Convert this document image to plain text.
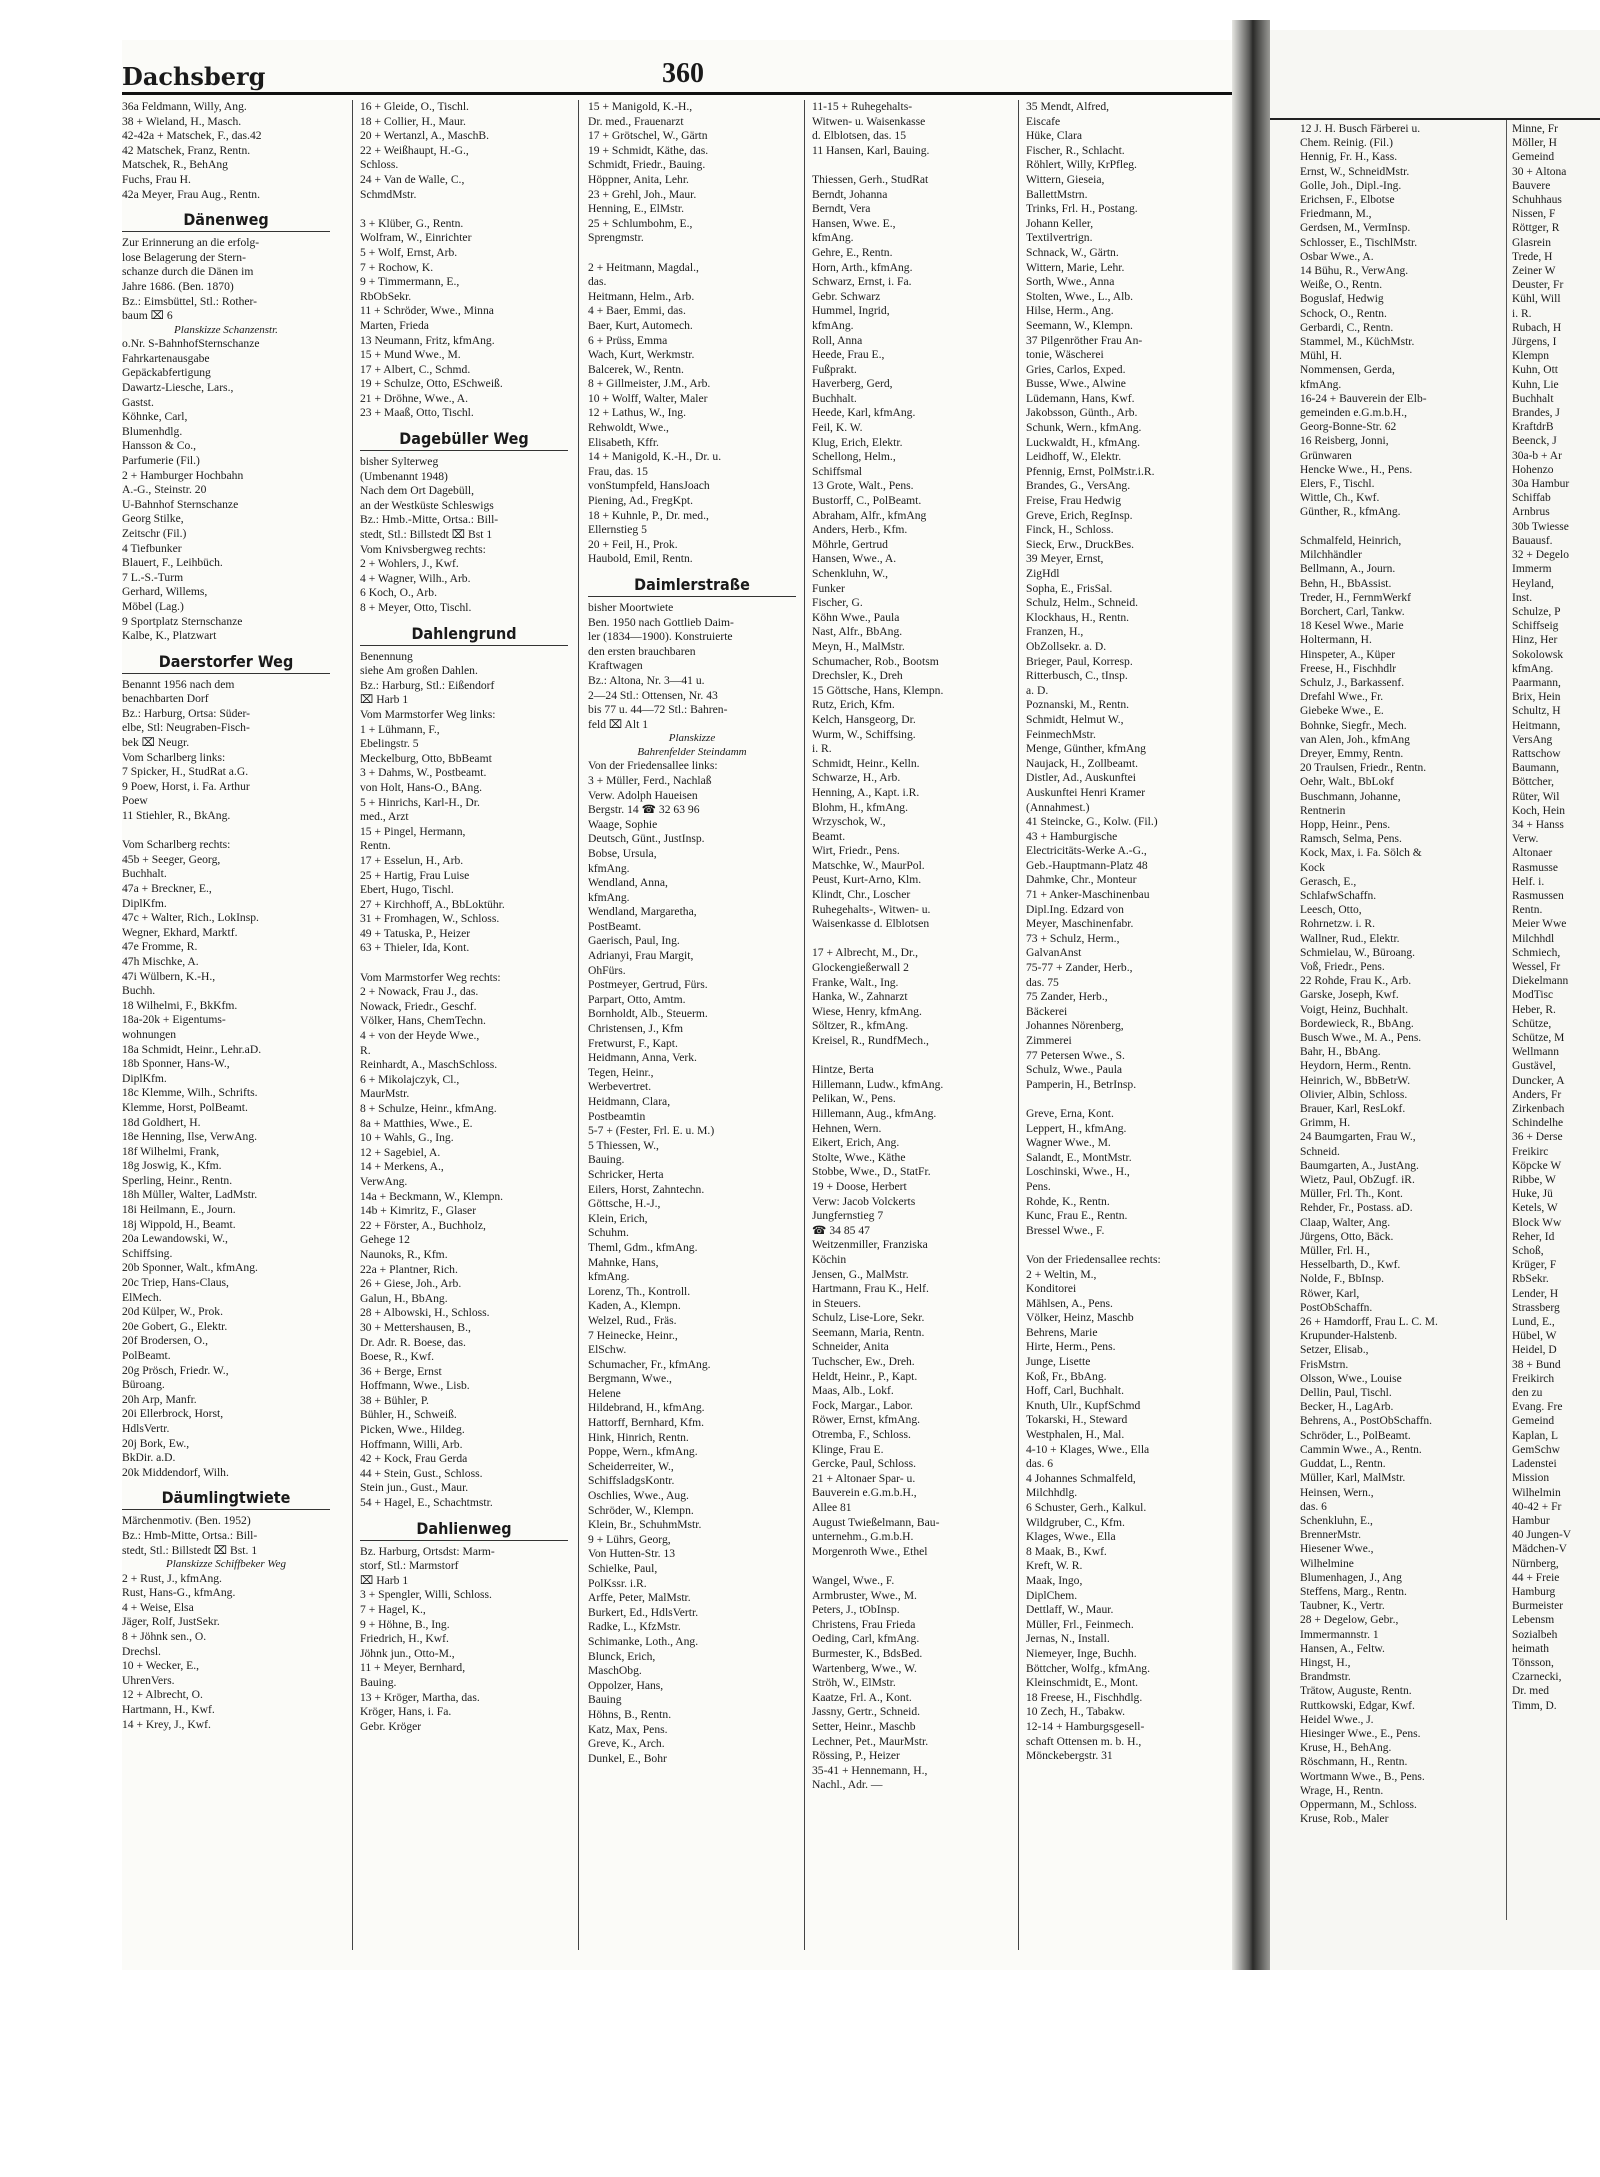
12 J. H. Busch Färberei u.
Chem. Reinig. (Fil.)
Hennig, Fr. H., Kass.
Ernst, W., SchneidMstr.
Golle, Joh., Dipl.-Ing.
Erichsen, F., Elbotse
Friedmann, M.,
Gerdsen, M., VermInsp.
Schlosser, E., TischlMstr.
Osbar Wwe., A.
14 Bühu, R., VerwAng.
Weiße, O., Rentn.
Boguslaf, Hedwig
Schock, O., Rentn.
Gerbardi, C., Rentn.
Stammel, M., KüchMstr.
Mühl, H.
Nommensen, Gerda,
kfmAng.
16-24 + Bauverein der Elb-
gemeinden e.G.m.b.H.,
Georg-Bonne-Str. 62
16 Reisberg, Jonni,
Grünwaren
Hencke Wwe., H., Pens.
Elers, F., Tischl.
Wittle, Ch., Kwf.
Günther, R., kfmAng.

Schmalfeld, Heinrich,
Milchhändler
Bellmann, A., Journ.
Behn, H., BbAssist.
Treder, H., FernmWerkf
Borchert, Carl, Tankw.
18 Kesel Wwe., Marie
Holtermann, H.
Hinspeter, A., Küper
Freese, H., Fischhdlr
Schulz, J., Barkassenf.
Drefahl Wwe., Fr.
Giebeke Wwe., E.
Bohnke, Siegfr., Mech.
van Alen, Joh., kfmAng
Dreyer, Emmy, Rentn.
20 Traulsen, Friedr., Rentn.
Oehr, Walt., BbLokf
Buschmann, Johanne,
Rentnerin
Hopp, Heinr., Pens.
Ramsch, Selma, Pens.
Kock, Max, i. Fa. Sölch &
Kock
Gerasch, E.,
SchlafwSchaffn.
Leesch, Otto,
Rohrnetzw. i. R.
Wallner, Rud., Elektr.
Schmielau, W., Büroang.
Voß, Friedr., Pens.
22 Rohde, Frau K., Arb.
Garske, Joseph, Kwf.
Voigt, Heinz, Buchhalt.
Bordewieck, R., BbAng.
Busch Wwe., M. A., Pens.
Bahr, H., BbAng.
Heydorn, Herm., Rentn.
Heinrich, W., BbBetrW.
Olivier, Albin, Schloss.
Brauer, Karl, ResLokf.
Grimm, H.
24 Baumgarten, Frau W.,
Schneid.
Baumgarten, A., JustAng.
Wietz, Paul, ObZugf. iR.
Müller, Frl. Th., Kont.
Rehder, Fr., Postass. aD.
Claap, Walter, Ang.
Jürgens, Otto, Bäck.
Müller, Frl. H.,
Hesselbarth, D., Kwf.
Nolde, F., BbInsp.
Röwer, Karl,
PostObSchaffn.
26 + Hamdorff, Frau L. C. M.
Krupunder-Halstenb.
Setzer, Elisab.,
FrisMstrn.
Olsson, Wwe., Louise
Dellin, Paul, Tischl.
Becker, H., LagArb.
Behrens, A., PostObSchaffn.
Schröder, L., PolBeamt.
Cammin Wwe., A., Rentn.
Guddat, L., Rentn.
Müller, Karl, MalMstr.
Heinsen, Wern.,
das. 6
Schenkluhn, E.,
BrennerMstr.
Hiesener Wwe.,
Wilhelmine
Blumenhagen, J., Ang
Steffens, Marg., Rentn.
Taubner, K., Vertr.
28 + Degelow, Gebr.,
Immermannstr. 1
Hansen, A., Feltw.
Hingst, H.,
Brandmstr.
Trätow, Auguste, Rentn.
Ruttkowski, Edgar, Kwf.
Heidel Wwe., J.
Hiesinger Wwe., E., Pens.
Kruse, H., BehAng.
Röschmann, H., Rentn.
Wortmann Wwe., B., Pens.
Wrage, H., Rentn.
Oppermann, M., Schloss.
Kruse, Rob., Maler
Minne, Fr
Möller, H
Gemeind
30 + Altona
Bauvere
Schuhhaus
Nissen, F
Röttger, R
Glasrein
Trede, H
Zeiner W
Deuster, Fr
Kühl, Will
i. R.
Rubach, H
Jürgens, I
Klempn
Kuhn, Ott
Kuhn, Lie
Buchhalt
Brandes, J
KraftdrB
Beenck, J
30a-b + Ar
Hohenzo
30a Hambur
Schiffab
Arnbrus
30b Twiesse
Bauausf.
32 + Degelo
Immerm
Heyland,
Inst.
Schulze, P
Schiffseig
Hinz, Her
Sokolowsk
kfmAng.
Paarmann,
Brix, Hein
Schultz, H
Heitmann,
VersAng
Rattschow
Baumann,
Böttcher,
Rüter, Wil
Koch, Hein
34 + Hanss
Verw.
Altonaer
Rasmusse
Helf. i.
Rasmussen
Rentn.
Meier Wwe
Milchhdl
Schmiech,
Wessel, Fr
Diekelmann
ModTisc
Heber, R.
Schütze,
Schütze, M
Wellmann
Gustävel,
Duncker, A
Anders, Fr
Zirkenbach
Schindelhe
36 + Derse
Freikirc
Köpcke W
Ribbe, W
Huke, Jü
Ketels, W
Block Ww
Reher, Id
Schoß,
Krüger, F
RbSekr.
Lender, H
Strassberg
Lund, E.,
Hübel, W
Heidel, D
38 + Bund
Freikirch
den zu
Evang. Fre
Gemeind
Kaplan, L
GemSchw
Ladenstei
Mission
Wilhelmin
40-42 + Fr
Hambur
40 Jungen-V
Mädchen-V
Nürnberg,
44 + Freie
Hamburg
Burmeister
Lebensm
Sozialbeh
heimath
Tönsson,
Czarnecki,
Dr. med
Timm, D.
Dachsberg	360
36a Feldmann, Willy, Ang.
38 + Wieland, H., Masch.
42-42a + Matschek, F., das.42
42 Matschek, Franz, Rentn.
Matschek, R., BehAng
Fuchs, Frau H.
42a Meyer, Frau Aug., Rentn.
Dänenweg
Zur Erinnerung an die erfolg-
lose Belagerung der Stern-
schanze durch die Dänen im
Jahre 1686. (Ben. 1870)
Bz.: Eimsbüttel, Stl.: Rother-
baum ⌧ 6
Planskizze Schanzenstr.
o.Nr. S-BahnhofSternschanze
Fahrkartenausgabe
Gepäckabfertigung
Dawartz-Liesche, Lars.,
Gastst.
Köhnke, Carl,
Blumenhdlg.
Hansson & Co.,
Parfumerie (Fil.)
2 + Hamburger Hochbahn
A.-G., Steinstr. 20
U-Bahnhof Sternschanze
Georg Stilke,
Zeitschr (Fil.)
4 Tiefbunker
Blauert, F., Leihbüch.
7 L.-S.-Turm
Gerhard, Willems,
Möbel (Lag.)
9 Sportplatz Sternschanze
Kalbe, K., Platzwart
Daerstorfer Weg
Benannt 1956 nach dem
benachbarten Dorf
Bz.: Harburg, Ortsa: Süder-
elbe, Stl: Neugraben-Fisch-
bek ⌧ Neugr.
Vom Scharlberg links:
7 Spicker, H., StudRat a.G.
9 Poew, Horst, i. Fa. Arthur
Poew
11 Stiehler, R., BkAng.

Vom Scharlberg rechts:
45b + Seeger, Georg,
Buchhalt.
47a + Breckner, E.,
DiplKfm.
47c + Walter, Rich., LokInsp.
Wegner, Ekhard, Marktf.
47e Fromme, R.
47h Mischke, A.
47i Wülbern, K.-H.,
Buchh.
18 Wilhelmi, F., BkKfm.
18a-20k + Eigentums-
wohnungen
18a Schmidt, Heinr., Lehr.aD.
18b Sponner, Hans-W.,
DiplKfm.
18c Klemme, Wilh., Schrifts.
Klemme, Horst, PolBeamt.
18d Goldhert, H.
18e Henning, Ilse, VerwAng.
18f Wilhelmi, Frank,
18g Joswig, K., Kfm.
Sperling, Heinr., Rentn.
18h Müller, Walter, LadMstr.
18i Heilmann, E., Journ.
18j Wippold, H., Beamt.
20a Lewandowski, W.,
Schiffsing.
20b Sponner, Walt., kfmAng.
20c Triep, Hans-Claus,
ElMech.
20d Külper, W., Prok.
20e Gobert, G., Elektr.
20f Brodersen, O.,
PolBeamt.
20g Prösch, Friedr. W.,
Büroang.
20h Arp, Manfr.
20i Ellerbrock, Horst,
HdlsVertr.
20j Bork, Ew.,
BkDir. a.D.
20k Middendorf, Wilh.
Däumlingtwiete
Märchenmotiv. (Ben. 1952)
Bz.: Hmb-Mitte, Ortsa.: Bill-
stedt, Stl.: Billstedt ⌧ Bst. 1
Planskizze Schiffbeker Weg
2 + Rust, J., kfmAng.
Rust, Hans-G., kfmAng.
4 + Weise, Elsa
Jäger, Rolf, JustSekr.
8 + Jöhnk sen., O.
Drechsl.
10 + Wecker, E.,
UhrenVers.
12 + Albrecht, O.
Hartmann, H., Kwf.
14 + Krey, J., Kwf.
16 + Gleide, O., Tischl.
18 + Collier, H., Maur.
20 + Wertanzl, A., MaschB.
22 + Weißhaupt, H.-G.,
Schloss.
24 + Van de Walle, C.,
SchmdMstr.

3 + Klüber, G., Rentn.
Wolfram, W., Einrichter
5 + Wolf, Ernst, Arb.
7 + Rochow, K.
9 + Timmermann, E.,
RbObSekr.
11 + Schröder, Wwe., Minna
Marten, Frieda
13 Neumann, Fritz, kfmAng.
15 + Mund Wwe., M.
17 + Albert, C., Schmd.
19 + Schulze, Otto, ESchweiß.
21 + Dröhne, Wwe., A.
23 + Maaß, Otto, Tischl.
Dagebüller Weg
bisher Sylterweg
(Umbenannt 1948)
Nach dem Ort Dagebüll,
an der Westküste Schleswigs
Bz.: Hmb.-Mitte, Ortsa.: Bill-
stedt, Stl.: Billstedt ⌧ Bst 1
Vom Knivsbergweg rechts:
2 + Wohlers, J., Kwf.
4 + Wagner, Wilh., Arb.
6 Koch, O., Arb.
8 + Meyer, Otto, Tischl.
Dahlengrund
Benennung
siehe Am großen Dahlen.
Bz.: Harburg, Stl.: Eißendorf
⌧ Harb 1
Vom Marmstorfer Weg links:
1 + Lühmann, F.,
Ebelingstr. 5
Meckelburg, Otto, BbBeamt
3 + Dahms, W., Postbeamt.
von Holt, Hans-O., BAng.
5 + Hinrichs, Karl-H., Dr.
med., Arzt
15 + Pingel, Hermann,
Rentn.
17 + Esselun, H., Arb.
25 + Hartig, Frau Luise
Ebert, Hugo, Tischl.
27 + Kirchhoff, A., BbLoktühr.
31 + Fromhagen, W., Schloss.
49 + Tatuska, P., Heizer
63 + Thieler, Ida, Kont.

Vom Marmstorfer Weg rechts:
2 + Nowack, Frau J., das.
Nowack, Friedr., Geschf.
Völker, Hans, ChemTechn.
4 + von der Heyde Wwe.,
R.
Reinhardt, A., MaschSchloss.
6 + Mikolajczyk, Cl.,
MaurMstr.
8 + Schulze, Heinr., kfmAng.
8a + Matthies, Wwe., E.
10 + Wahls, G., Ing.
12 + Sagebiel, A.
14 + Merkens, A.,
VerwAng.
14a + Beckmann, W., Klempn.
14b + Kimritz, F., Glaser
22 + Förster, A., Buchholz,
Gehege 12
Naunoks, R., Kfm.
22a + Plantner, Rich.
26 + Giese, Joh., Arb.
Galun, H., BbAng.
28 + Albowski, H., Schloss.
30 + Mettershausen, B.,
Dr. Adr. R. Boese, das.
Boese, R., Kwf.
36 + Berge, Ernst
Hoffmann, Wwe., Lisb.
38 + Bühler, P.
Bühler, H., Schweiß.
Picken, Wwe., Hildeg.
Hoffmann, Willi, Arb.
42 + Kock, Frau Gerda
44 + Stein, Gust., Schloss.
Stein jun., Gust., Maur.
54 + Hagel, E., Schachtmstr.
Dahlienweg
Bz. Harburg, Ortsdst: Marm-
storf, Stl.: Marmstorf
⌧ Harb 1
3 + Spengler, Willi, Schloss.
7 + Hagel, K.,
9 + Höhne, B., Ing.
Friedrich, H., Kwf.
Jöhnk jun., Otto-M.,
11 + Meyer, Bernhard,
Bauing.
13 + Kröger, Martha, das.
Kröger, Hans, i. Fa.
Gebr. Kröger
15 + Manigold, K.-H.,
Dr. med., Frauenarzt
17 + Grötschel, W., Gärtn
19 + Schmidt, Käthe, das.
Schmidt, Friedr., Bauing.
Höppner, Anita, Lehr.
23 + Grehl, Joh., Maur.
Henning, E., ElMstr.
25 + Schlumbohm, E.,
Sprengmstr.

2 + Heitmann, Magdal.,
das.
Heitmann, Helm., Arb.
4 + Baer, Emmi, das.
Baer, Kurt, Automech.
6 + Prüss, Emma
Wach, Kurt, Werkmstr.
Balcerek, W., Rentn.
8 + Gillmeister, J.M., Arb.
10 + Wolff, Walter, Maler
12 + Lathus, W., Ing.
Rehwoldt, Wwe.,
Elisabeth, Kffr.
14 + Manigold, K.-H., Dr. u.
Frau, das. 15
vonStumpfeld, HansJoach
Piening, Ad., FregKpt.
18 + Kuhnle, P., Dr. med.,
Ellernstieg 5
20 + Feil, H., Prok.
Haubold, Emil, Rentn.
Daimlerstraße
bisher Moortwiete
Ben. 1950 nach Gottlieb Daim-
ler (1834—1900). Konstruierte
den ersten brauchbaren
Kraftwagen
Bz.: Altona, Nr. 3—41 u.
2—24 Stl.: Ottensen, Nr. 43
bis 77 u. 44—72 Stl.: Bahren-
feld ⌧ Alt 1
Planskizze
Bahrenfelder Steindamm
Von der Friedensallee links:
3 + Müller, Ferd., Nachlaß
Verw. Adolph Haueisen
Bergstr. 14 ☎ 32 63 96
Waage, Sophie
Deutsch, Günt., JustInsp.
Bobse, Ursula,
kfmAng.
Wendland, Anna,
kfmAng.
Wendland, Margaretha,
PostBeamt.
Gaerisch, Paul, Ing.
Adrianyi, Frau Margit,
OhFürs.
Postmeyer, Gertrud, Fürs.
Parpart, Otto, Amtm.
Bornholdt, Alb., Steuerm.
Christensen, J., Kfm
Fretwurst, F., Kapt.
Heidmann, Anna, Verk.
Tegen, Heinr.,
Werbevertret.
Heidmann, Clara,
Postbeamtin
5-7 + (Fester, Frl. E. u. M.)
5 Thiessen, W.,
Bauing.
Schricker, Herta
Eilers, Horst, Zahntechn.
Göttsche, H.-J.,
Klein, Erich,
Schuhm.
Theml, Gdm., kfmAng.
Mahnke, Hans,
kfmAng.
Lorenz, Th., Kontroll.
Kaden, A., Klempn.
Welzel, Rud., Fräs.
7 Heinecke, Heinr.,
ElSchw.
Schumacher, Fr., kfmAng.
Bergmann, Wwe.,
Helene
Hildebrand, H., kfmAng.
Hattorff, Bernhard, Kfm.
Hink, Hinrich, Rentn.
Poppe, Wern., kfmAng.
Scheiderreiter, W.,
SchiffsladgsKontr.
Oschlies, Wwe., Aug.
Schröder, W., Klempn.
Klein, Br., SchuhmMstr.
9 + Lührs, Georg,
Von Hutten-Str. 13
Schielke, Paul,
PolKssr. i.R.
Arffe, Peter, MalMstr.
Burkert, Ed., HdlsVertr.
Radke, L., KfzMstr.
Schimanke, Loth., Ang.
Blunck, Erich,
MaschObg.
Oppolzer, Hans,
Bauing
Höhns, B., Rentn.
Katz, Max, Pens.
Greve, K., Arch.
Dunkel, E., Bohr
11-15 + Ruhegehalts-
Witwen- u. Waisenkasse
d. Elblotsen, das. 15
11 Hansen, Karl, Bauing.

Thiessen, Gerh., StudRat
Berndt, Johanna
Berndt, Vera
Hansen, Wwe. E.,
kfmAng.
Gehre, E., Rentn.
Horn, Arth., kfmAng.
Schwarz, Ernst, i. Fa.
Gebr. Schwarz
Hummel, Ingrid,
kfmAng.
Roll, Anna
Heede, Frau E.,
Fußprakt.
Haverberg, Gerd,
Buchhalt.
Heede, Karl, kfmAng.
Feil, K. W.
Klug, Erich, Elektr.
Schellong, Helm.,
Schiffsmal
13 Grote, Walt., Pens.
Bustorff, C., PolBeamt.
Abraham, Alfr., kfmAng
Anders, Herb., Kfm.
Möhrle, Gertrud
Hansen, Wwe., A.
Schenkluhn, W.,
Funker
Fischer, G.
Köhn Wwe., Paula
Nast, Alfr., BbAng.
Meyn, H., MalMstr.
Schumacher, Rob., Bootsm
Drechsler, K., Dreh
15 Göttsche, Hans, Klempn.
Rutz, Erich, Kfm.
Kelch, Hansgeorg, Dr.
Wurm, W., Schiffsing.
i. R.
Schmidt, Heinr., Kelln.
Schwarze, H., Arb.
Henning, A., Kapt. i.R.
Blohm, H., kfmAng.
Wrzyschok, W.,
Beamt.
Wirt, Friedr., Pens.
Matschke, W., MaurPol.
Peust, Kurt-Arno, Klm.
Klindt, Chr., Loscher
Ruhegehalts-, Witwen- u.
Waisenkasse d. Elblotsen

17 + Albrecht, M., Dr.,
Glockengießerwall 2
Franke, Walt., Ing.
Hanka, W., Zahnarzt
Wiese, Henry, kfmAng.
Söltzer, R., kfmAng.
Kreisel, R., RundfMech.,

Hintze, Berta
Hillemann, Ludw., kfmAng.
Pelikan, W., Pens.
Hillemann, Aug., kfmAng.
Hehnen, Wern.
Eikert, Erich, Ang.
Stolte, Wwe., Käthe
Stobbe, Wwe., D., StatFr.
19 + Doose, Herbert
Verw: Jacob Volckerts
Jungfernstieg 7
☎ 34 85 47
Weitzenmiller, Franziska
Köchin
Jensen, G., MalMstr.
Hartmann, Frau K., Helf.
in Steuers.
Schulz, Lise-Lore, Sekr.
Seemann, Maria, Rentn.
Schneider, Anita
Tuchscher, Ew., Dreh.
Heldt, Heinr., P., Kapt.
Maas, Alb., Lokf.
Fock, Margar., Labor.
Röwer, Ernst, kfmAng.
Otremba, F., Schloss.
Klinge, Frau E.
Gercke, Paul, Schloss.
21 + Altonaer Spar- u.
Bauverein e.G.m.b.H.,
Allee 81
August Twießelmann, Bau-
unternehm., G.m.b.H.
Morgenroth Wwe., Ethel

Wangel, Wwe., F.
Armbruster, Wwe., M.
Peters, J., tObInsp.
Christens, Frau Frieda
Oeding, Carl, kfmAng.
Burmester, K., BdsBed.
Wartenberg, Wwe., W.
Ströh, W., ElMstr.
Kaatze, Frl. A., Kont.
Jassny, Gertr., Schneid.
Setter, Heinr., Maschb
Lechner, Pet., MaurMstr.
Rössing, P., Heizer
35-41 + Hennemann, H.,
Nachl., Adr. —
35 Mendt, Alfred,
Eiscafe
Hüke, Clara
Fischer, R., Schlacht.
Röhlert, Willy, KrPfleg.
Wittern, Gieseia,
BallettMstrn.
Trinks, Frl. H., Postang.
Johann Keller,
Textilvertrign.
Schnack, W., Gärtn.
Wittern, Marie, Lehr.
Sorth, Wwe., Anna
Stolten, Wwe., L., Alb.
Hilse, Herm., Ang.
Seemann, W., Klempn.
37 Pilgenröther Frau An-
tonie, Wäscherei
Gries, Carlos, Exped.
Busse, Wwe., Alwine
Lüdemann, Hans, Kwf.
Jakobsson, Günth., Arb.
Schunk, Wern., kfmAng.
Luckwaldt, H., kfmAng.
Leidhoff, W., Elektr.
Pfennig, Ernst, PolMstr.i.R.
Brandes, G., VersAng.
Freise, Frau Hedwig
Greve, Erich, RegInsp.
Finck, H., Schloss.
Sieck, Erw., DruckBes.
39 Meyer, Ernst,
ZigHdl
Sopha, E., FrisSal.
Schulz, Helm., Schneid.
Klockhaus, H., Rentn.
Franzen, H.,
ObZollsekr. a. D.
Brieger, Paul, Korresp.
Ritterbusch, C., tInsp.
a. D.
Poznanski, M., Rentn.
Schmidt, Helmut W.,
FeinmechMstr.
Menge, Günther, kfmAng
Naujack, H., Zollbeamt.
Distler, Ad., Auskunftei
Auskunftei Henri Kramer
(Annahmest.)
41 Steincke, G., Kolw. (Fil.)
43 + Hamburgische
Electricitäts-Werke A.-G.,
Geb.-Hauptmann-Platz 48
Dahmke, Chr., Monteur
71 + Anker-Maschinenbau
Dipl.Ing. Edzard von
Meyer, Maschinenfabr.
73 + Schulz, Herm.,
GalvanAnst
75-77 + Zander, Herb.,
das. 75
75 Zander, Herb.,
Bäckerei
Johannes Nörenberg,
Zimmerei
77 Petersen Wwe., S.
Schulz, Wwe., Paula
Pamperin, H., BetrInsp.

Greve, Erna, Kont.
Leppert, H., kfmAng.
Wagner Wwe., M.
Salandt, E., MontMstr.
Loschinski, Wwe., H.,
Pens.
Rohde, K., Rentn.
Kunc, Frau E., Rentn.
Bressel Wwe., F.

Von der Friedensallee rechts:
2 + Weltin, M.,
Konditorei
Mählsen, A., Pens.
Völker, Heinz, Maschb
Behrens, Marie
Hirte, Herm., Pens.
Junge, Lisette
Koß, Fr., BbAng.
Hoff, Carl, Buchhalt.
Knuth, Ulr., KupfSchmd
Tokarski, H., Steward
Westphalen, H., Mal.
4-10 + Klages, Wwe., Ella
das. 6
4 Johannes Schmalfeld,
Milchhdlg.
6 Schuster, Gerh., Kalkul.
Wildgruber, C., Kfm.
Klages, Wwe., Ella
8 Maak, B., Kwf.
Kreft, W. R.
Maak, Ingo,
DiplChem.
Dettlaff, W., Maur.
Müller, Frl., Feinmech.
Jernas, N., Install.
Niemeyer, Inge, Buchh.
Böttcher, Wolfg., kfmAng.
Kleinschmidt, E., Mont.
18 Freese, H., Fischhdlg.
10 Zech, H., Tabakw.
12-14 + Hamburgsgesell-
schaft Ottensen m. b. H.,
Mönckebergstr. 31
